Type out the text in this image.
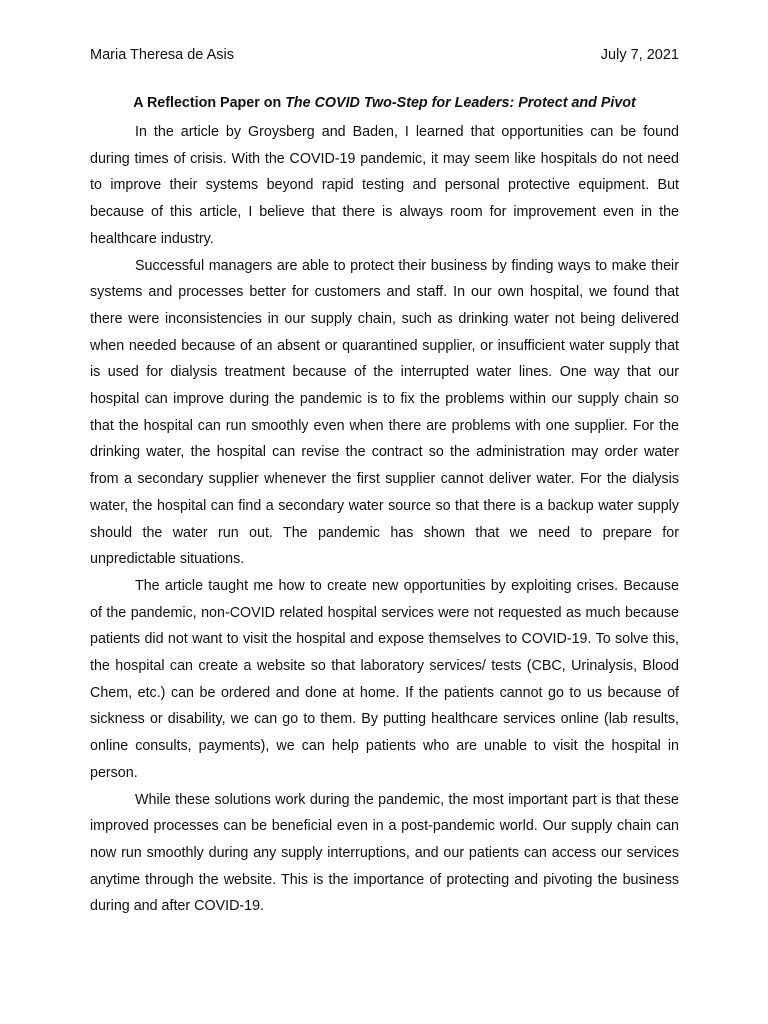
Maria Theresa de Asis	July 7, 2021
A Reflection Paper on The COVID Two-Step for Leaders: Protect and Pivot

In the article by Groysberg and Baden, I learned that opportunities can be found during times of crisis. With the COVID-19 pandemic, it may seem like hospitals do not need to improve their systems beyond rapid testing and personal protective equipment. But because of this article, I believe that there is always room for improvement even in the healthcare industry.

Successful managers are able to protect their business by finding ways to make their systems and processes better for customers and staff. In our own hospital, we found that there were inconsistencies in our supply chain, such as drinking water not being delivered when needed because of an absent or quarantined supplier, or insufficient water supply that is used for dialysis treatment because of the interrupted water lines. One way that our hospital can improve during the pandemic is to fix the problems within our supply chain so that the hospital can run smoothly even when there are problems with one supplier. For the drinking water, the hospital can revise the contract so the administration may order water from a secondary supplier whenever the first supplier cannot deliver water. For the dialysis water, the hospital can find a secondary water source so that there is a backup water supply should the water run out. The pandemic has shown that we need to prepare for unpredictable situations.

The article taught me how to create new opportunities by exploiting crises. Because of the pandemic, non-COVID related hospital services were not requested as much because patients did not want to visit the hospital and expose themselves to COVID-19. To solve this, the hospital can create a website so that laboratory services/ tests (CBC, Urinalysis, Blood Chem, etc.) can be ordered and done at home. If the patients cannot go to us because of sickness or disability, we can go to them. By putting healthcare services online (lab results, online consults, payments), we can help patients who are unable to visit the hospital in person.

While these solutions work during the pandemic, the most important part is that these improved processes can be beneficial even in a post-pandemic world. Our supply chain can now run smoothly during any supply interruptions, and our patients can access our services anytime through the website. This is the importance of protecting and pivoting the business during and after COVID-19.
